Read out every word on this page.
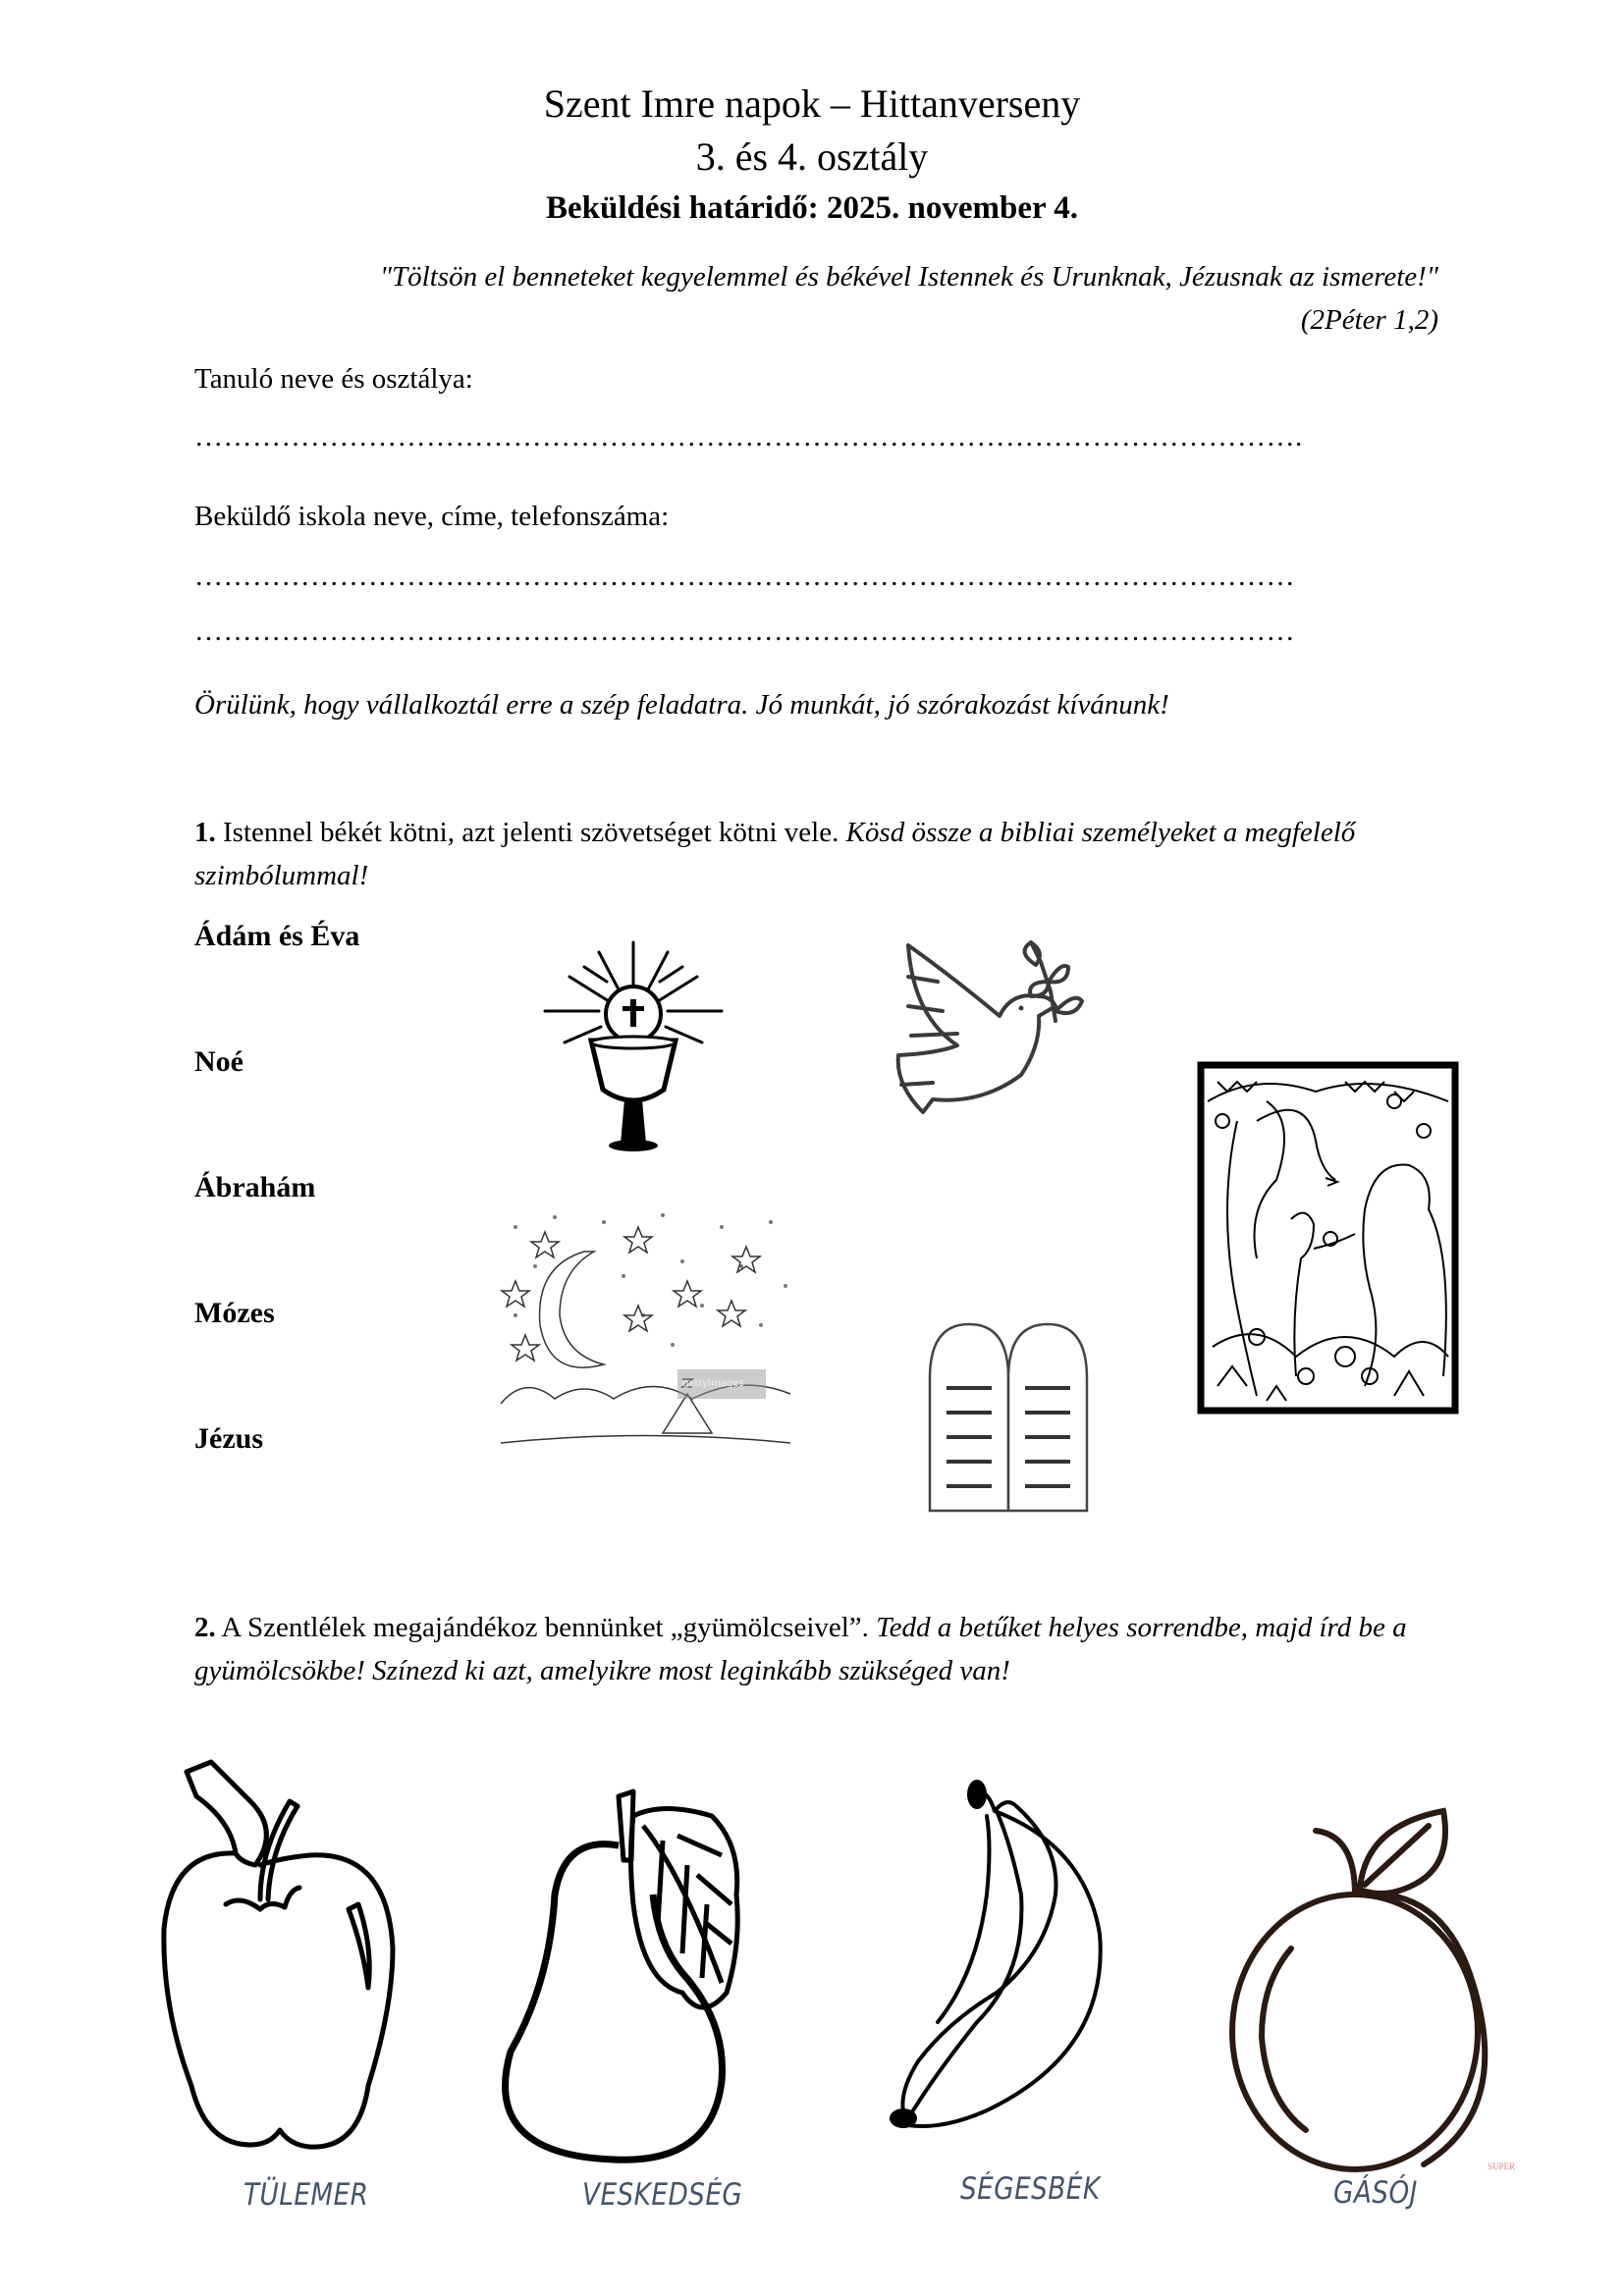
Szent Imre napok – Hittanverseny
3. és 4. osztály
Beküldési határidő: 2025. november 4.
"Töltsön el benneteket kegyelemmel és békével Istennek és Urunknak, Jézusnak az ismerete!"
(2Péter 1,2)
Tanuló neve és osztálya:
…………………………………………………………………………………………………….
Beküldő iskola neve, címe, telefonszáma:
……………………………………………………………………………………………………
……………………………………………………………………………………………………
Örülünk, hogy vállalkoztál erre a szép feladatra. Jó munkát, jó szórakozást kívánunk!
1. Istennel békét kötni, azt jelenti szövetséget kötni vele. Kösd össze a bibliai személyeket a megfelelő szimbólummal!
Ádám és Éva
Noé
Ábrahám
Mózes
Jézus
gettyimages
2. A Szentlélek megajándékoz bennünket „gyümölcseivel”. Tedd a betűket helyes sorrendbe, majd írd be a gyümölcsökbe! Színezd ki azt, amelyikre most leginkább szükséged van!
SUPER
TÜLEMER	VESKEDSÉG	SÉGESBÉK	GÁSÓJ
